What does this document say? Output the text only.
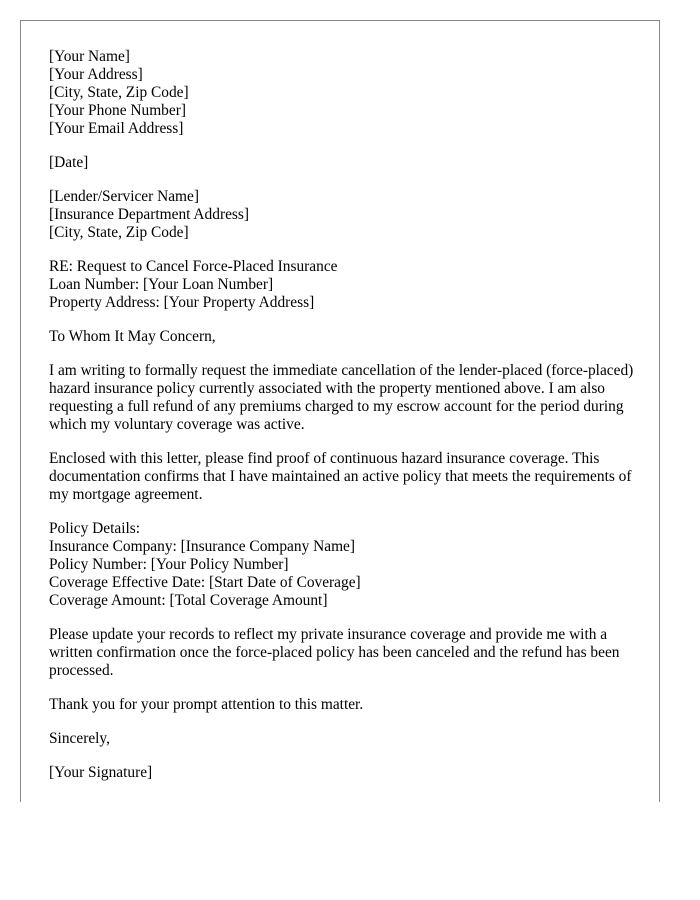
[Your Name]
[Your Address]
[City, State, Zip Code]
[Your Phone Number]
[Your Email Address]
[Date]
[Lender/Servicer Name]
[Insurance Department Address]
[City, State, Zip Code]
RE: Request to Cancel Force-Placed Insurance
Loan Number: [Your Loan Number]
Property Address: [Your Property Address]
To Whom It May Concern,

I am writing to formally request the immediate cancellation of the lender-placed (force-placed) hazard insurance policy currently associated with the property mentioned above. I am also requesting a full refund of any premiums charged to my escrow account for the period during which my voluntary coverage was active.

Enclosed with this letter, please find proof of continuous hazard insurance coverage. This documentation confirms that I have maintained an active policy that meets the requirements of my mortgage agreement.

Policy Details:
Insurance Company: [Insurance Company Name]
Policy Number: [Your Policy Number]
Coverage Effective Date: [Start Date of Coverage]
Coverage Amount: [Total Coverage Amount]

Please update your records to reflect my private insurance coverage and provide me with a written confirmation once the force-placed policy has been canceled and the refund has been processed.

Thank you for your prompt attention to this matter.
Sincerely,
[Your Signature]
